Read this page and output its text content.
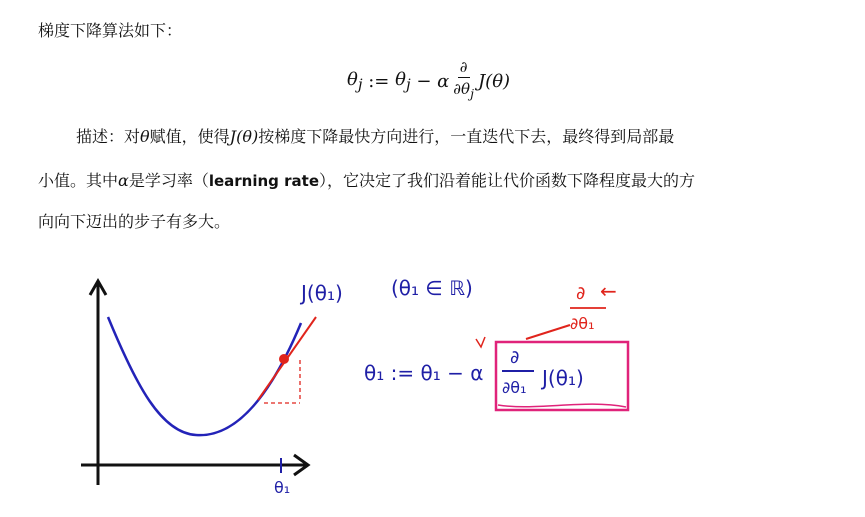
梯度下降算法如下：
$\theta_j$ := $\theta_j - \alpha \frac{\partial}{\partial\theta_j} J(\theta)$
描述：对θ赋值，使得J(θ)按梯度下降最快方向进行，一直迭代下去，最终得到局部最
小值。其中α是学习率（learning rate），它决定了我们沿着能让代价函数下降程度最大的方
向向下迈出的步子有多大。
θ₁
J(θ₁) (θ₁ ∈ ℝ)
θ₁ := θ₁ − α
∂
∂θ₁ J(θ₁)
∂
∂θ₁
←
